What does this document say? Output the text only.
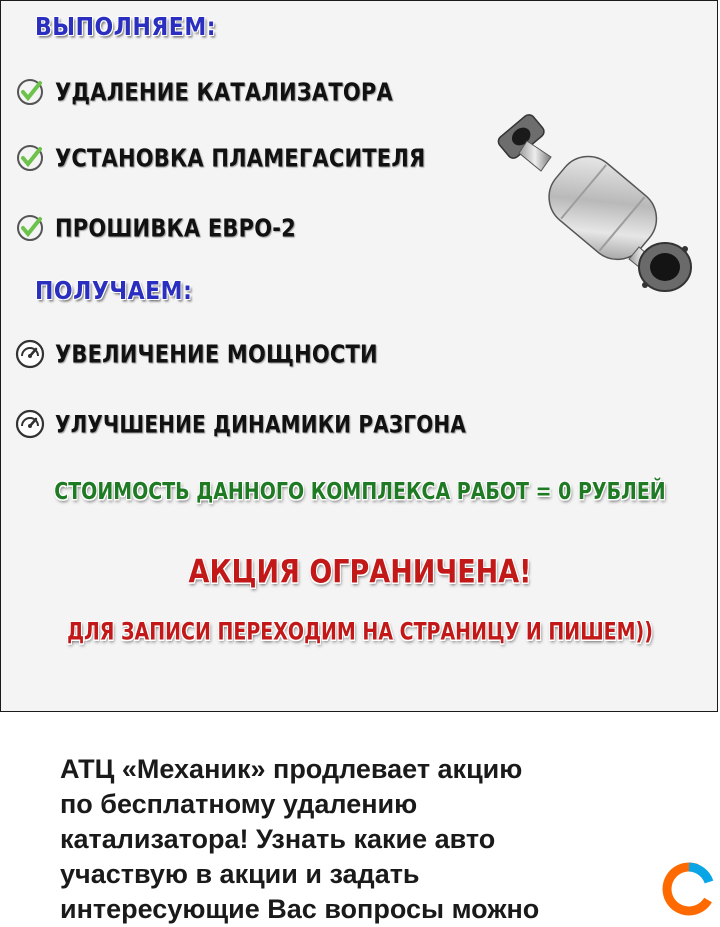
ВЫПОЛНЯЕМ:
УДАЛЕНИЕ КАТАЛИЗАТОРА
УСТАНОВКА ПЛАМЕГАСИТЕЛЯ
ПРОШИВКА ЕВРО-2
ПОЛУЧАЕМ:
УВЕЛИЧЕНИЕ МОЩНОСТИ
УЛУЧШЕНИЕ ДИНАМИКИ РАЗГОНА
СТОИМОСТЬ ДАННОГО КОМПЛЕКСА РАБОТ = 0 РУБЛЕЙ
АКЦИЯ ОГРАНИЧЕНА!
ДЛЯ ЗАПИСИ ПЕРЕХОДИМ НА СТРАНИЦУ И ПИШЕМ))
АТЦ «Механик» продлевает акцию
по бесплатному удалению
катализатора! Узнать какие авто
участвую в акции и задать
интересующие Вас вопросы можно
